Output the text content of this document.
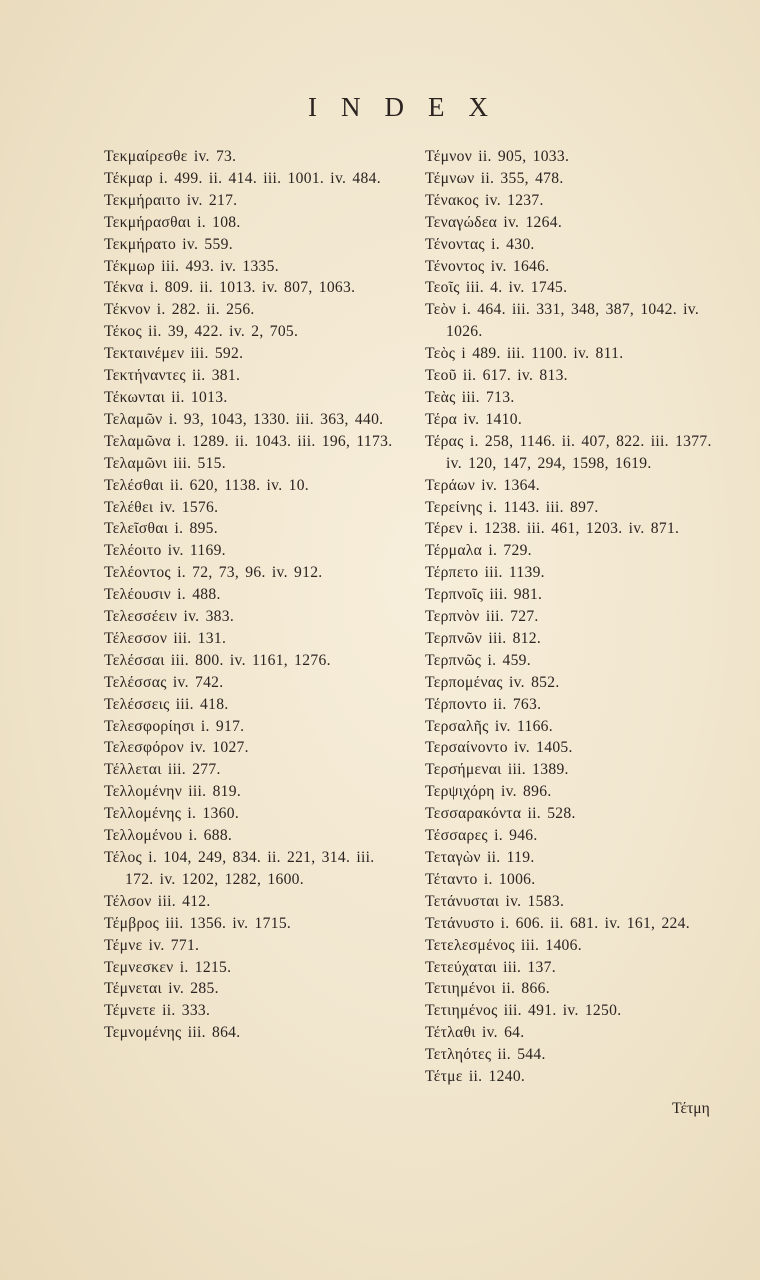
INDEX
Τεκμαίρεσθε iv. 73.
Τέκμαρ i. 499. ii. 414. iii. 1001. iv. 484.
Τεκμήραιτο iv. 217.
Τεκμήρασθαι i. 108.
Τεκμήρατο iv. 559.
Τέκμωρ iii. 493. iv. 1335.
Τέκνα i. 809. ii. 1013. iv. 807, 1063.
Τέκνον i. 282. ii. 256.
Τέκος ii. 39, 422. iv. 2, 705.
Τεκταινέμεν iii. 592.
Τεκτήναντες ii. 381.
Τέκωνται ii. 1013.
Τελαμῶν i. 93, 1043, 1330. iii. 363, 440.
Τελαμῶνα i. 1289. ii. 1043. iii. 196, 1173.
Τελαμῶνι iii. 515.
Τελέσθαι ii. 620, 1138. iv. 10.
Τελέθει iv. 1576.
Τελεῖσθαι i. 895.
Τελέοιτο iv. 1169.
Τελέοντος i. 72, 73, 96. iv. 912.
Τελέουσιν i. 488.
Τελεσσέειν iv. 383.
Τέλεσσον iii. 131.
Τελέσσαι iii. 800. iv. 1161, 1276.
Τελέσσας iv. 742.
Τελέσσεις iii. 418.
Τελεσφορίησι i. 917.
Τελεσφόρον iv. 1027.
Τέλλεται iii. 277.
Τελλομένην iii. 819.
Τελλομένης i. 1360.
Τελλομένου i. 688.
Τέλος i. 104, 249, 834. ii. 221, 314. iii. 172. iv. 1202, 1282, 1600.
Τέλσον iii. 412.
Τέμβρος iii. 1356. iv. 1715.
Τέμνε iv. 771.
Τεμνεσκεν i. 1215.
Τέμνεται iv. 285.
Τέμνετε ii. 333.
Τεμνομένης iii. 864.
Τέμνον ii. 905, 1033.
Τέμνων ii. 355, 478.
Τένακος iv. 1237.
Τεναγώδεα iv. 1264.
Τένοντας i. 430.
Τένοντος iv. 1646.
Τεοῖς iii. 4. iv. 1745.
Τεὸν i. 464. iii. 331, 348, 387, 1042. iv. 1026.
Τεὸς i 489. iii. 1100. iv. 811.
Τεοῦ ii. 617. iv. 813.
Τεὰς iii. 713.
Τέρα iv. 1410.
Τέρας i. 258, 1146. ii. 407, 822. iii. 1377. iv. 120, 147, 294, 1598, 1619.
Τεράων iv. 1364.
Τερείνης i. 1143. iii. 897.
Τέρεν i. 1238. iii. 461, 1203. iv. 871.
Τέρμαλα i. 729.
Τέρπετο iii. 1139.
Τερπνοῖς iii. 981.
Τερπνὸν iii. 727.
Τερπνῶν iii. 812.
Τερπνῶς i. 459.
Τερπομένας iv. 852.
Τέρποντο ii. 763.
Τερσαλῆς iv. 1166.
Τερσαίνοντο iv. 1405.
Τερσήμεναι iii. 1389.
Τερψιχόρη iv. 896.
Τεσσαρακόντα ii. 528.
Τέσσαρες i. 946.
Τεταγὼν ii. 119.
Τέταντο i. 1006.
Τετάνυσται iv. 1583.
Τετάνυστο i. 606. ii. 681. iv. 161, 224.
Τετελεσμένος iii. 1406.
Τετεύχαται iii. 137.
Τετιημένοι ii. 866.
Τετιημένος iii. 491. iv. 1250.
Τέτλαθι iv. 64.
Τετληότες ii. 544.
Τέτμε ii. 1240.
Τέτμη
